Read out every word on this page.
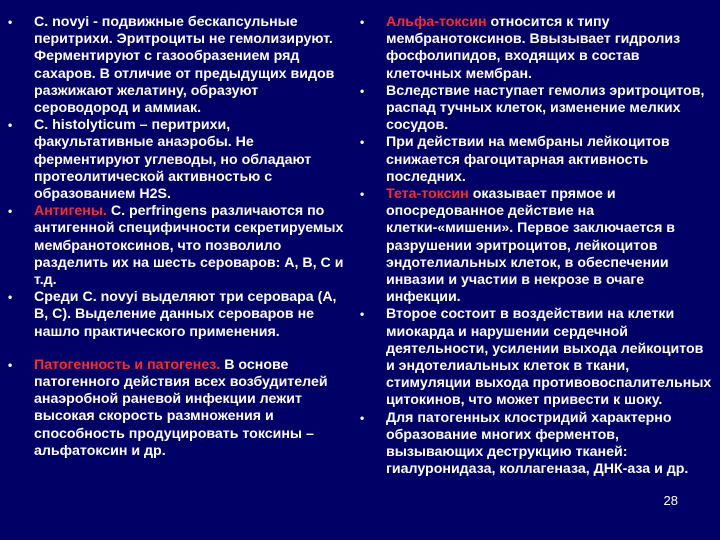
• C. novyi - подвижные бескапсульные перитрихи. Эритроциты не гемолизируют. Ферментируют с газообразением ряд сахаров. В отличие от предыдущих видов разжижают желатину, образуют сероводород и аммиак.
• C. histolyticum – перитрихи, факультативные анаэробы. Не ферментируют углеводы, но обладают протеолитической активностью с образованием H2S.
• Антигены. C. perfringens различаются по антигенной специфичности секретируемых мембранотоксинов, что позволило разделить их на шесть сероваров: А, В, С и т.д.
• Среди C. novyi выделяют три серовара (А, В, С). Выделение данных сероваров не нашло практического применения.
• Патогенность и патогенез. В основе патогенного действия всех возбудителей анаэробной раневой инфекции лежит высокая скорость размножения и способность продуцировать токсины – альфатоксин и др.
• Альфа-токсин относится к типу мембранотоксинов. Ввызывает гидролиз фосфолипидов, входящих в состав клеточных мембран.
• Вследствие наступает гемолиз эритроцитов, распад тучных клеток, изменение мелких сосудов.
• При действии на мембраны лейкоцитов снижается фагоцитарная активность последних.
• Тета-токсин оказывает прямое и опосредованное действие на клетки-«мишени». Первое заключается в разрушении эритроцитов, лейкоцитов эндотелиальных клеток, в обеспечении инвазии и участии в некрозе в очаге инфекции.
• Второе состоит в воздействии на клетки миокарда и нарушении сердечной деятельности, усилении выхода лейкоцитов и эндотелиальных клеток в ткани, стимуляции выхода противовоспалительных цитокинов, что может привести к шоку.
• Для патогенных клостридий характерно образование многих ферментов, вызывающих деструкцию тканей: гиалуронидаза, коллагеназа, ДНК-аза и др.
28
